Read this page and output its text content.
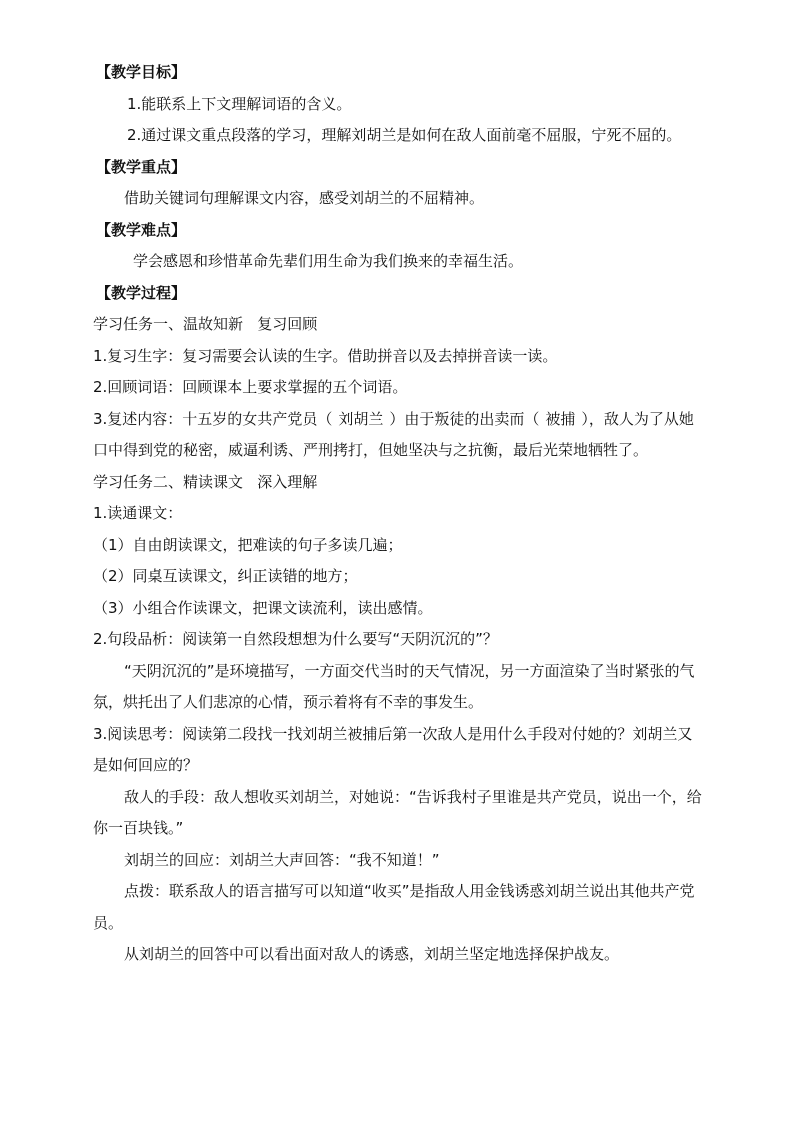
【教学目标】
1.能联系上下文理解词语的含义。
2.通过课文重点段落的学习，理解刘胡兰是如何在敌人面前毫不屈服，宁死不屈的。
【教学重点】
借助关键词句理解课文内容，感受刘胡兰的不屈精神。
【教学难点】
学会感恩和珍惜革命先辈们用生命为我们换来的幸福生活。
【教学过程】
学习任务一、温故知新   复习回顾
1.复习生字：复习需要会认读的生字。借助拼音以及去掉拼音读一读。
2.回顾词语：回顾课本上要求掌握的五个词语。
3.复述内容：十五岁的女共产党员（ 刘胡兰 ）由于叛徒的出卖而（ 被捕 ），敌人为了从她口中得到党的秘密，威逼利诱、严刑拷打，但她坚决与之抗衡，最后光荣地牺牲了。
学习任务二、精读课文   深入理解
1.读通课文：
（1）自由朗读课文，把难读的句子多读几遍；
（2）同桌互读课文，纠正读错的地方；
（3）小组合作读课文，把课文读流利，读出感情。
2.句段品析：阅读第一自然段想想为什么要写“天阴沉沉的”？
“天阴沉沉的”是环境描写，一方面交代当时的天气情况，另一方面渲染了当时紧张的气氛，烘托出了人们悲凉的心情，预示着将有不幸的事发生。
3.阅读思考：阅读第二段找一找刘胡兰被捕后第一次敌人是用什么手段对付她的？刘胡兰又是如何回应的？
敌人的手段：敌人想收买刘胡兰，对她说：“告诉我村子里谁是共产党员，说出一个，给你一百块钱。”
刘胡兰的回应：刘胡兰大声回答：“我不知道！”
点拨：联系敌人的语言描写可以知道“收买”是指敌人用金钱诱惑刘胡兰说出其他共产党员。
从刘胡兰的回答中可以看出面对敌人的诱惑，刘胡兰坚定地选择保护战友。
